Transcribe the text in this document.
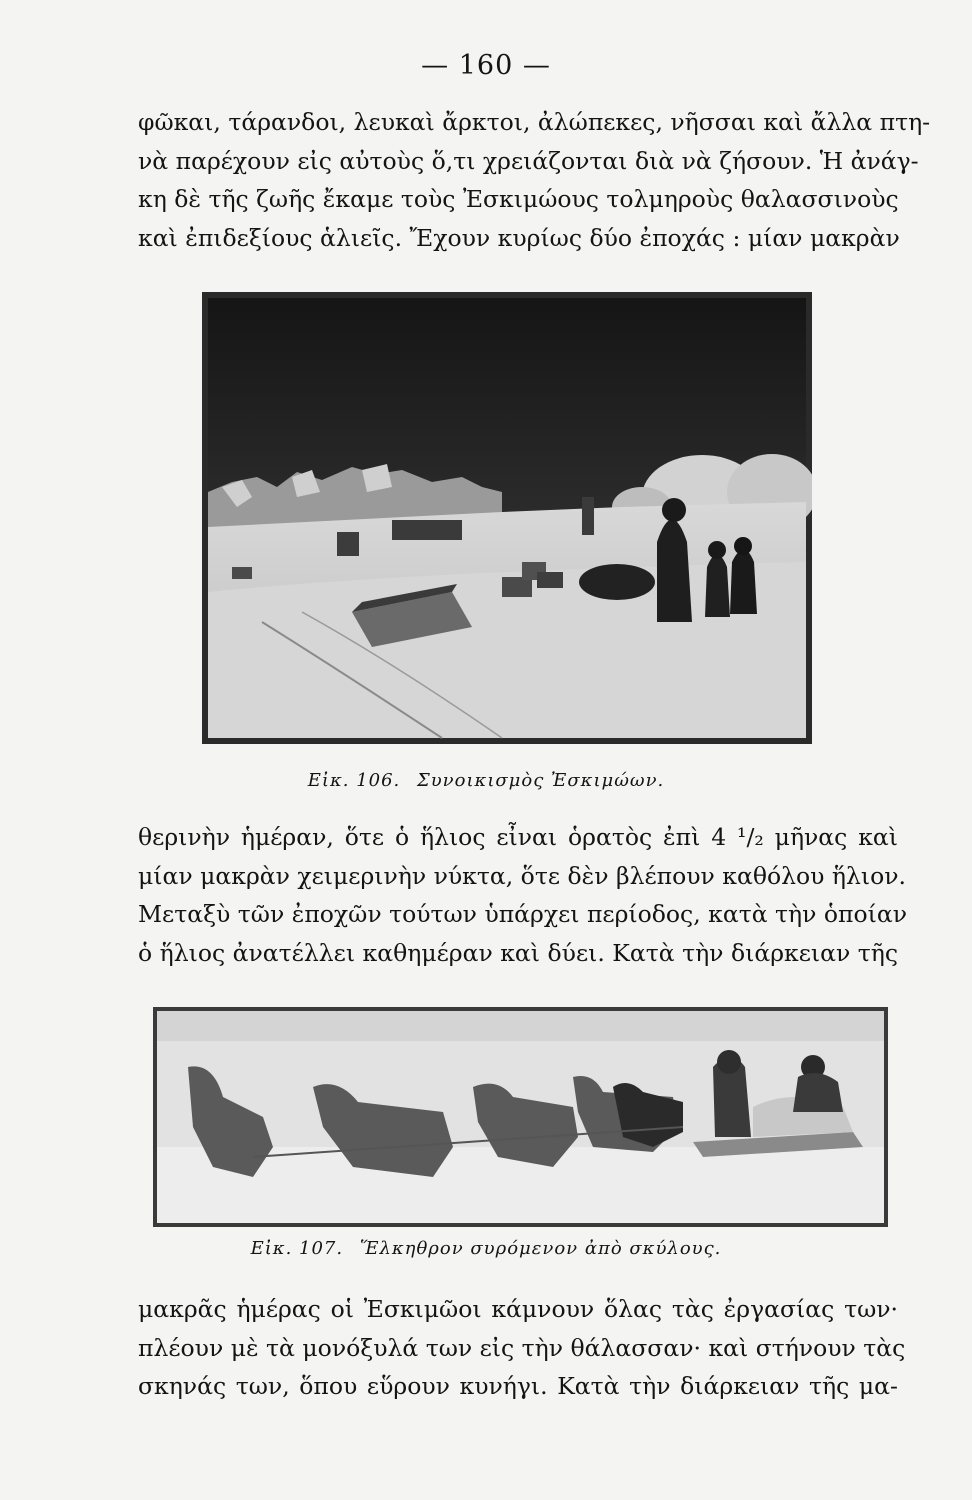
— 160 —
φῶκαι, τάρανδοι, λευκαὶ ἄρκτοι, ἀλώπεκες, νῆσσαι καὶ ἄλλα πτη-
νὰ παρέχουν εἰς αὐτοὺς ὅ,τι χρειάζονται διὰ νὰ ζήσουν. Ἡ ἀνάγ-
κη δὲ τῆς ζωῆς ἔκαμε τοὺς Ἐσκιμώους τολμηροὺς θαλασσινοὺς
καὶ ἐπιδεξίους ἁλιεῖς. Ἔχουν κυρίως δύο ἐποχάς : μίαν μακρὰν
Εἰκ. 106. Συνοικισμὸς Ἐσκιμώων.
θερινὴν ἡμέραν, ὅτε ὁ ἥλιος εἶναι ὁρατὸς ἐπὶ 4 ¹/₂ μῆνας καὶ
μίαν μακρὰν χειμερινὴν νύκτα, ὅτε δὲν βλέπουν καθόλου ἥλιον.
Μεταξὺ τῶν ἐποχῶν τούτων ὑπάρχει περίοδος, κατὰ τὴν ὁποίαν
ὁ ἥλιος ἀνατέλλει καθημέραν καὶ δύει. Κατὰ τὴν διάρκειαν τῆς
Εἰκ. 107. Ἕλκηθρον συρόμενον ἀπὸ σκύλους.
μακρᾶς ἡμέρας οἱ Ἐσκιμῶοι κάμνουν ὅλας τὰς ἐργασίας των·
πλέουν μὲ τὰ μονόξυλά των εἰς τὴν θάλασσαν· καὶ στήνουν τὰς
σκηνάς των, ὅπου εὕρουν κυνήγι. Κατὰ τὴν διάρκειαν τῆς μα-
